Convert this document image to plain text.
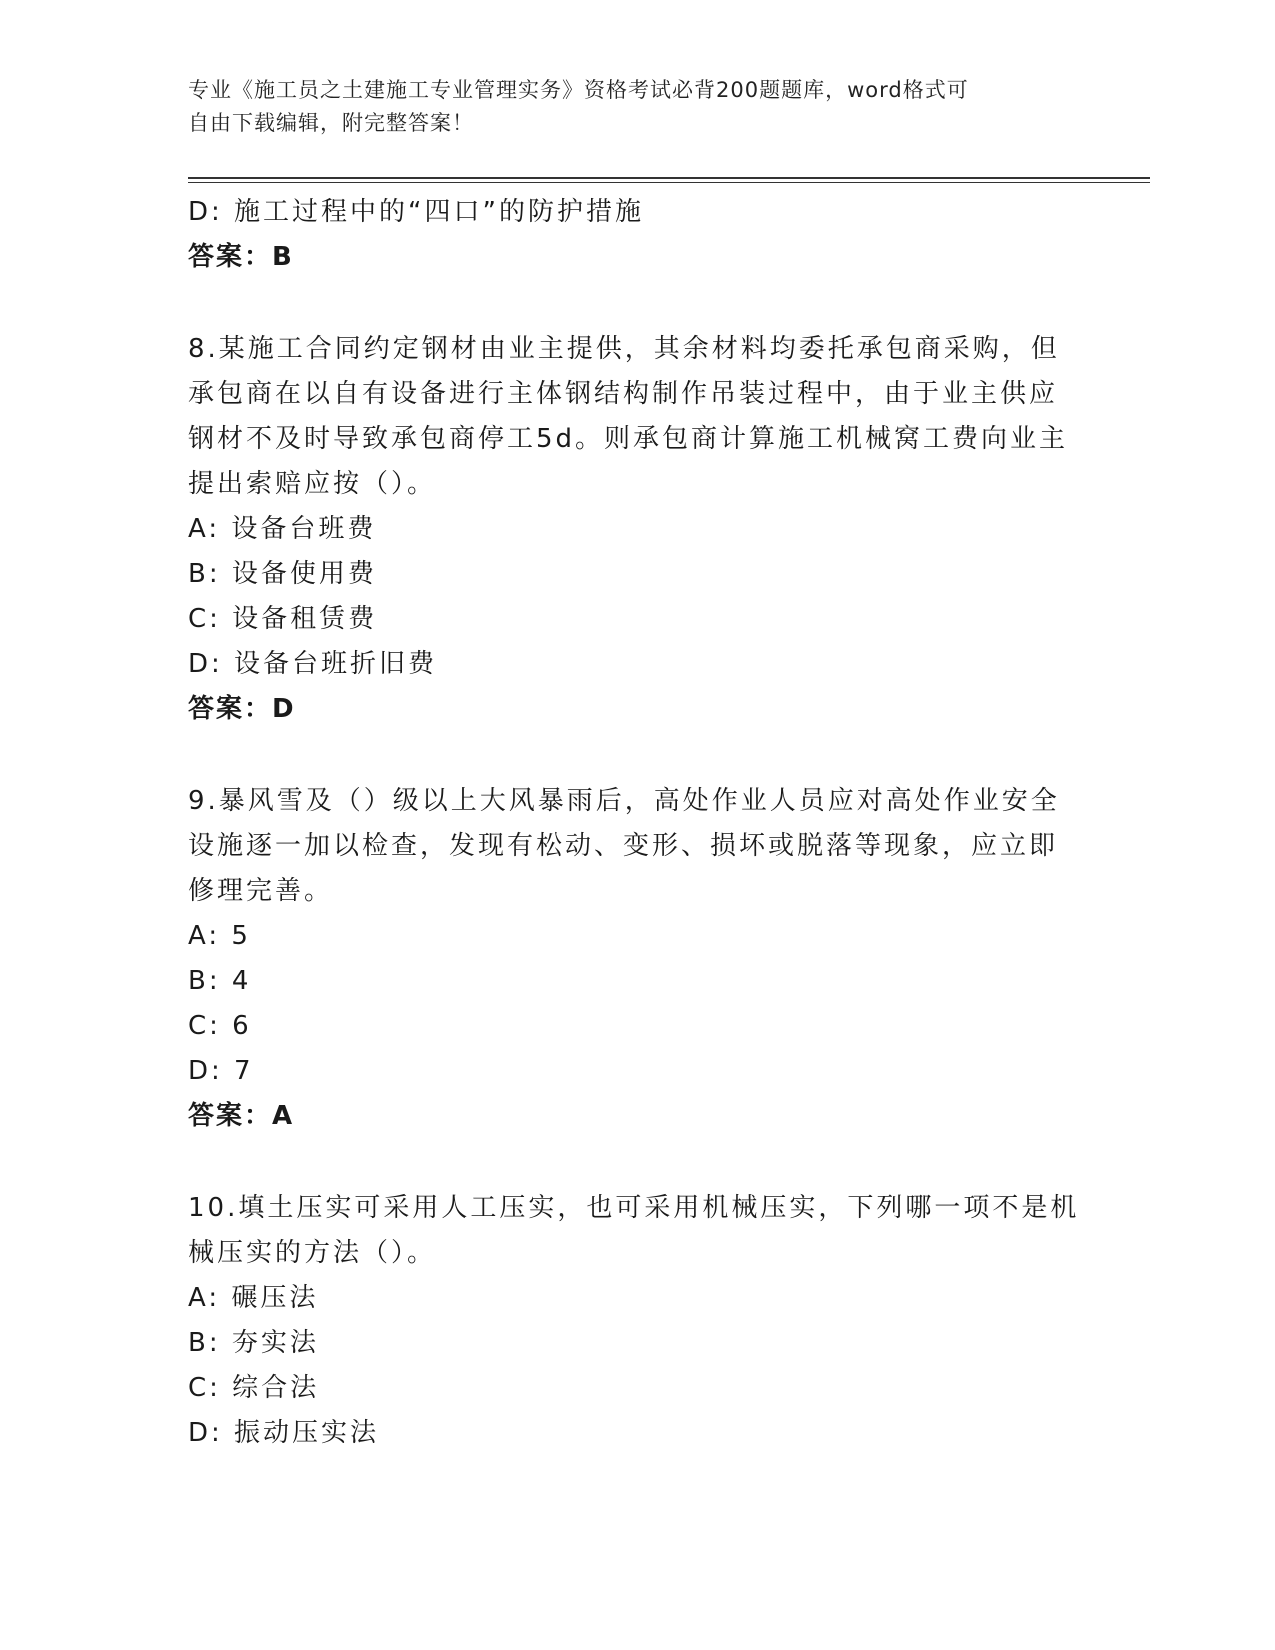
专业《施工员之土建施工专业管理实务》资格考试必背200题题库，word格式可
自由下载编辑，附完整答案！
D: 施工过程中的“四口”的防护措施
答案：B
8.某施工合同约定钢材由业主提供，其余材料均委托承包商采购，但
承包商在以自有设备进行主体钢结构制作吊装过程中，由于业主供应
钢材不及时导致承包商停工5d。则承包商计算施工机械窝工费向业主
提出索赔应按（）。
A: 设备台班费
B: 设备使用费
C: 设备租赁费
D: 设备台班折旧费
答案：D
9.暴风雪及（）级以上大风暴雨后，高处作业人员应对高处作业安全
设施逐一加以检查，发现有松动、变形、损坏或脱落等现象，应立即
修理完善。
A: 5
B: 4
C: 6
D: 7
答案：A
10.填土压实可采用人工压实，也可采用机械压实，下列哪一项不是机
械压实的方法（）。
A: 碾压法
B: 夯实法
C: 综合法
D: 振动压实法
